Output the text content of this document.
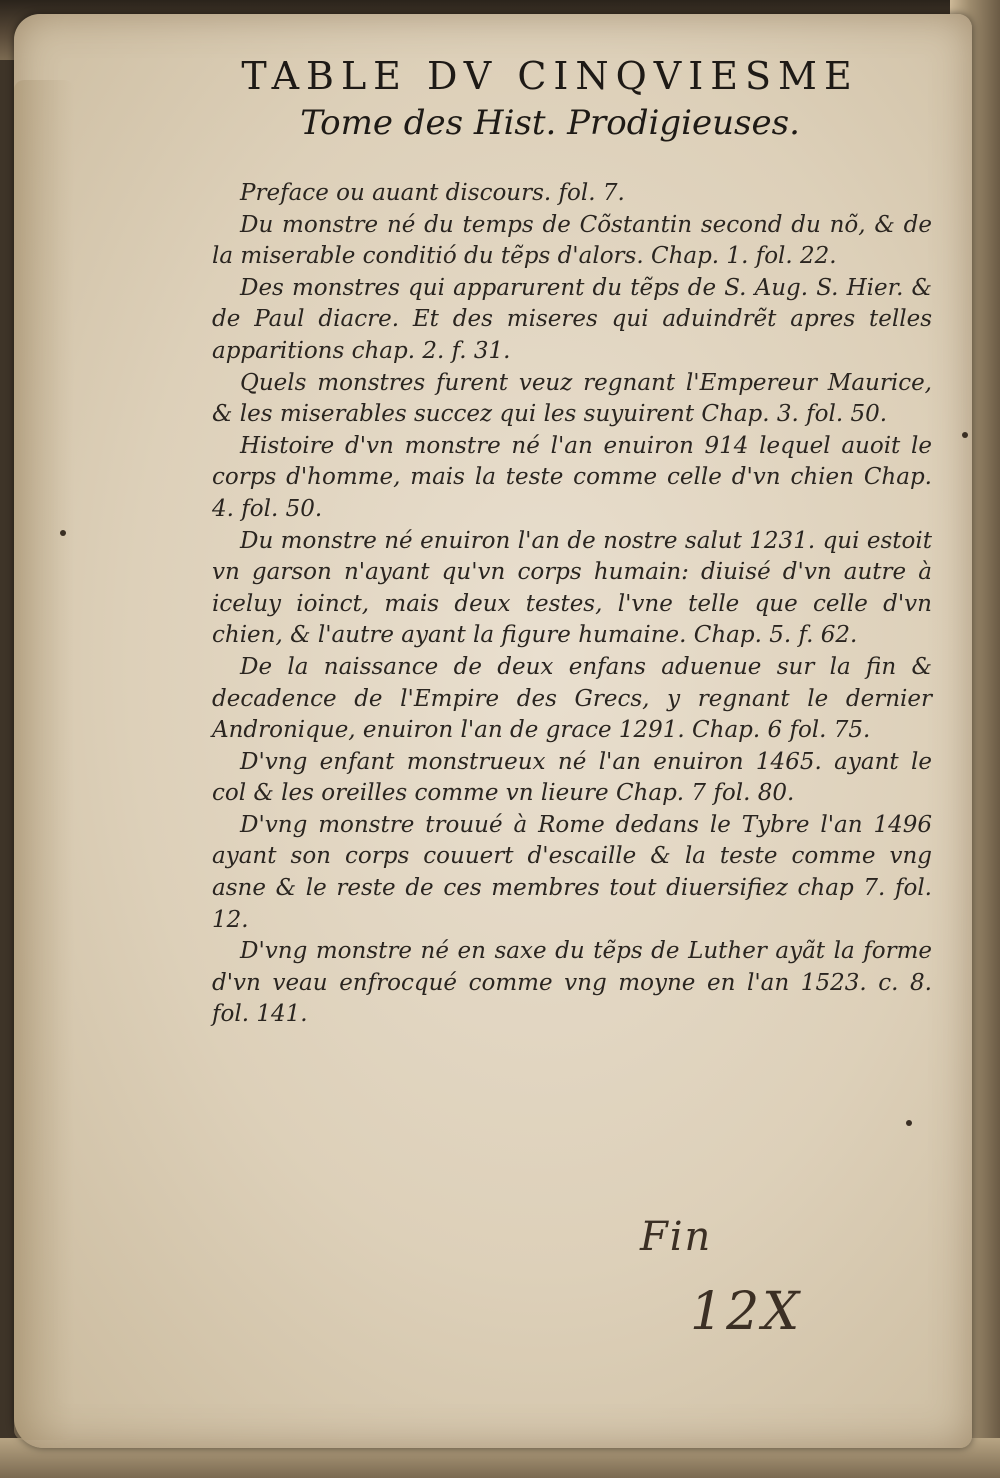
TABLE DV CINQVIESME
Tome des Hist. Prodigieuses.

Preface ou auant discours. fol. 7.

Du monstre né du temps de Cõstantin second du nõ, & de la miserable conditió du tẽps d'alors. Chap. 1. fol. 22.

Des monstres qui apparurent du tẽps de S. Aug. S. Hier. & de Paul diacre. Et des miseres qui aduindrẽt apres telles apparitions chap. 2. f. 31.

Quels monstres furent veuz regnant l'Empereur Maurice, & les miserables succez qui les suyuirent Chap. 3. fol. 50.

Histoire d'vn monstre né l'an enuiron 914 lequel auoit le corps d'homme, mais la teste comme celle d'vn chien Chap. 4. fol. 50.

Du monstre né enuiron l'an de nostre salut 1231. qui estoit vn garson n'ayant qu'vn corps humain: diuisé d'vn autre à iceluy ioinct, mais deux testes, l'vne telle que celle d'vn chien, & l'autre ayant la figure humaine. Chap. 5. f. 62.

De la naissance de deux enfans aduenue sur la fin & decadence de l'Empire des Grecs, y regnant le dernier Andronique, enuiron l'an de grace 1291. Chap. 6 fol. 75.

D'vng enfant monstrueux né l'an enuiron 1465. ayant le col & les oreilles comme vn lieure Chap. 7 fol. 80.

D'vng monstre trouué à Rome dedans le Tybre l'an 1496 ayant son corps couuert d'escaille & la teste comme vng asne & le reste de ces membres tout diuersifiez chap 7. fol. 12.

D'vng monstre né en saxe du tẽps de Luther ayãt la forme d'vn veau enfrocqué comme vng moyne en l'an 1523. c. 8. fol. 141.

Fin
12X
